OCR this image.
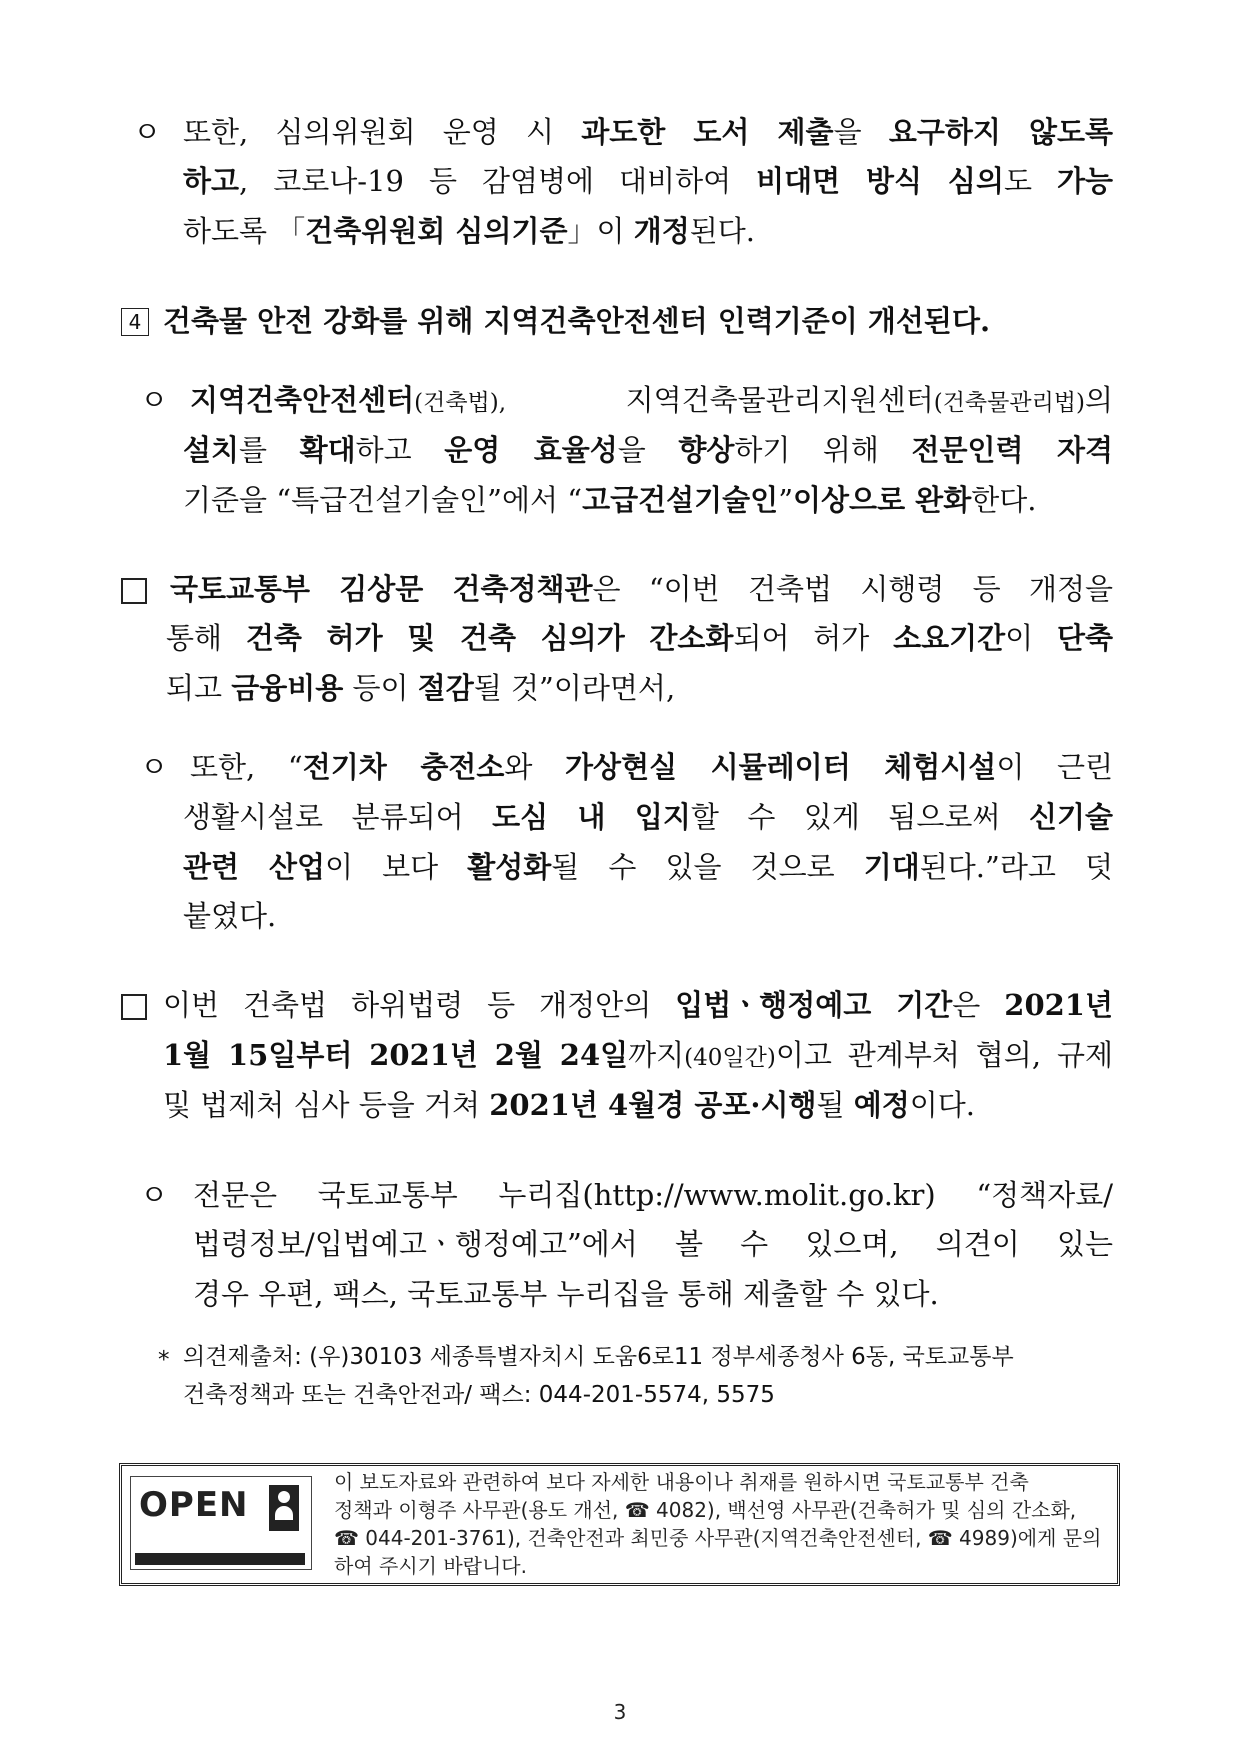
ㅇ 또한, 심의위원회 운영 시 과도한 도서 제출을 요구하지 않도록
하고, 코로나-19 등 감염병에 대비하여 비대면 방식 심의도 가능
하도록 「건축위원회 심의기준」이 개정된다.
4 건축물 안전 강화를 위해 지역건축안전센터 인력기준이 개선된다.
ㅇ 지역건축안전센터(건축법), 지역건축물관리지원센터(건축물관리법)의
설치를 확대하고 운영 효율성을 향상하기 위해 전문인력 자격
기준을 “특급건설기술인”에서 “고급건설기술인”이상으로 완화한다.
국토교통부 김상문 건축정책관은 “이번 건축법 시행령 등 개정을
통해 건축 허가 및 건축 심의가 간소화되어 허가 소요기간이 단축
되고 금융비용 등이 절감될 것”이라면서,
ㅇ 또한, “전기차 충전소와 가상현실 시뮬레이터 체험시설이 근린
생활시설로 분류되어 도심 내 입지할 수 있게 됨으로써 신기술
관련 산업이 보다 활성화될 수 있을 것으로 기대된다.”라고 덧
붙였다.
이번 건축법 하위법령 등 개정안의 입법ㆍ행정예고 기간은 2021년
1월 15일부터 2021년 2월 24일까지(40일간)이고 관계부처 협의, 규제
및 법제처 심사 등을 거쳐 2021년 4월경 공포·시행될 예정이다.
ㅇ 전문은 국토교통부 누리집(http://www.molit.go.kr) “정책자료/
법령정보/입법예고ㆍ행정예고”에서 볼 수 있으며, 의견이 있는
경우 우편, 팩스, 국토교통부 누리집을 통해 제출할 수 있다.
* 의견제출처: (우)30103 세종특별자치시 도움6로11 정부세종청사 6동, 국토교통부
건축정책과 또는 건축안전과/ 팩스: 044-201-5574, 5575
OPEN
이 보도자료와 관련하여 보다 자세한 내용이나 취재를 원하시면 국토교통부 건축
정책과 이형주 사무관(용도 개선, ☎ 4082), 백선영 사무관(건축허가 및 심의 간소화,
☎ 044-201-3761), 건축안전과 최민중 사무관(지역건축안전센터, ☎ 4989)에게 문의
하여 주시기 바랍니다.
3
